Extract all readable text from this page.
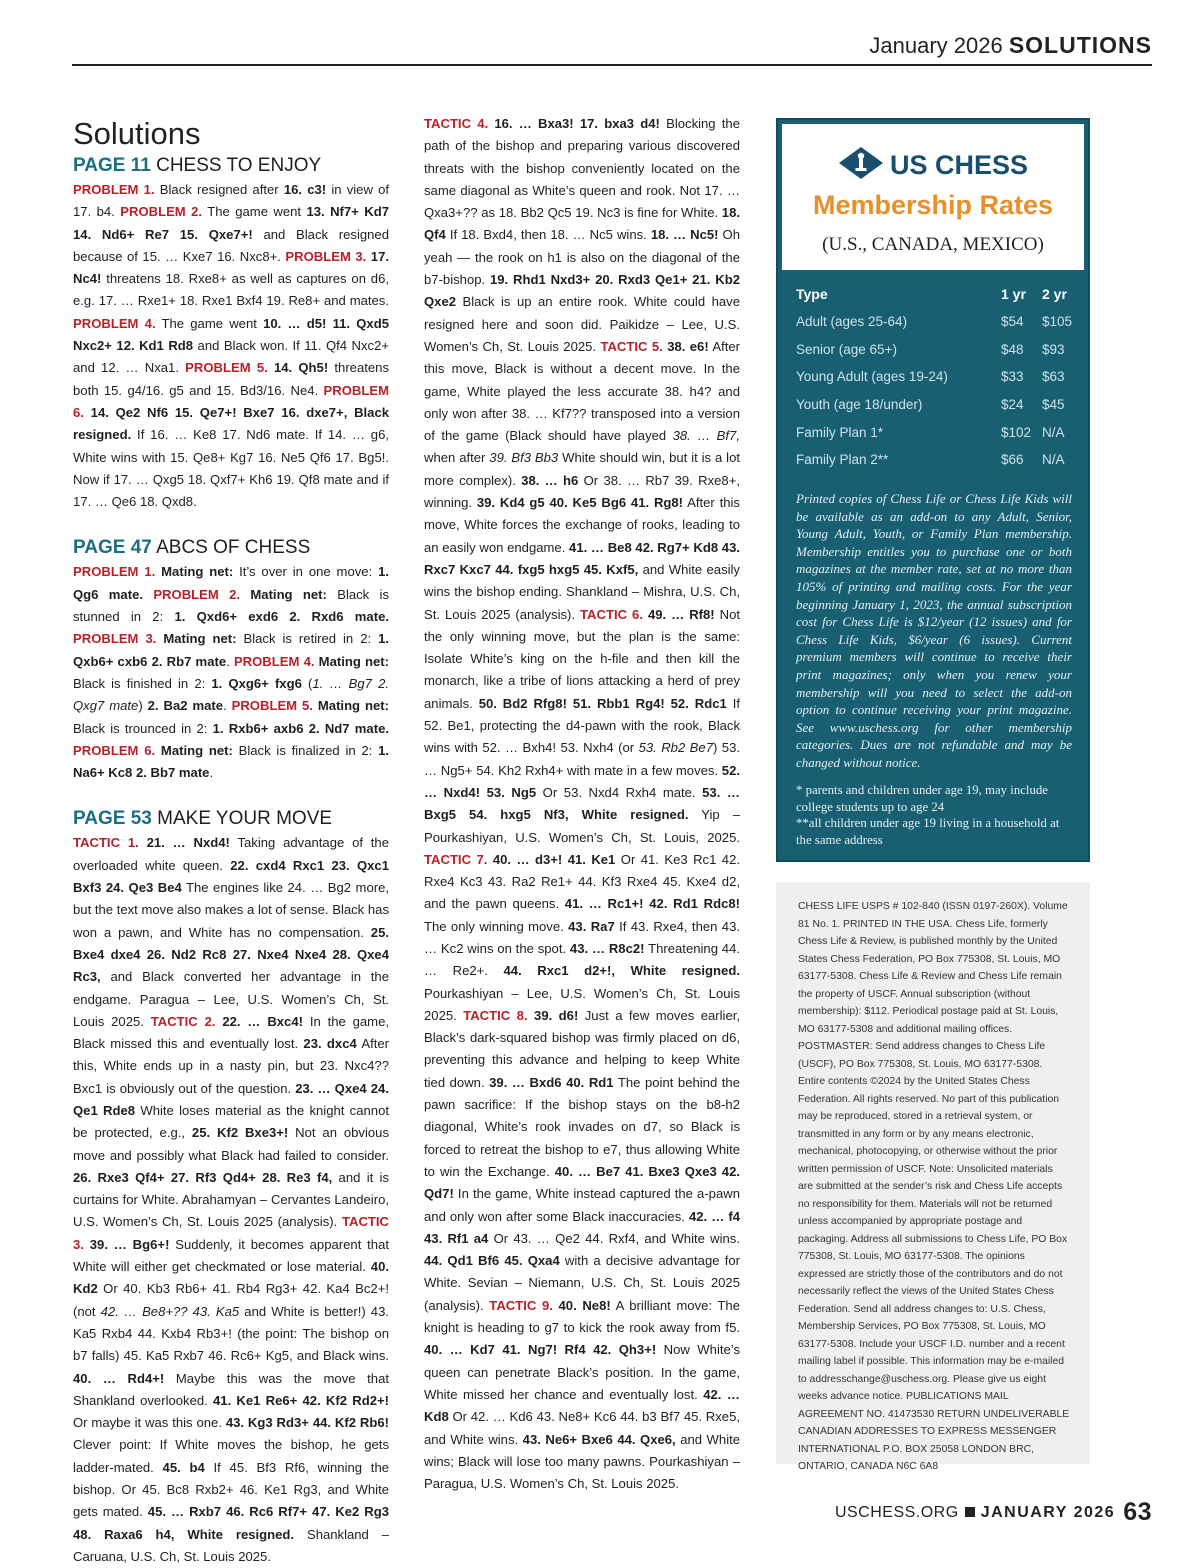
January 2026 SOLUTIONS
Solutions
PAGE 11 CHESS TO ENJOY

PROBLEM 1. Black resigned after 16. c3! in view of 17. b4. PROBLEM 2. The game went 13. Nf7+ Kd7 14. Nd6+ Re7 15. Qxe7+! and Black resigned because of 15. … Kxe7 16. Nxc8+. PROBLEM 3. 17. Nc4! threatens 18. Rxe8+ as well as captures on d6, e.g. 17. … Rxe1+ 18. Rxe1 Bxf4 19. Re8+ and mates. PROBLEM 4. The game went 10. … d5! 11. Qxd5 Nxc2+ 12. Kd1 Rd8 and Black won. If 11. Qf4 Nxc2+ and 12. … Nxa1. PROBLEM 5. 14. Qh5! threatens both 15. g4/16. g5 and 15. Bd3/16. Ne4. PROBLEM 6. 14. Qe2 Nf6 15. Qe7+! Bxe7 16. dxe7+, Black resigned. If 16. … Ke8 17. Nd6 mate. If 14. … g6, White wins with 15. Qe8+ Kg7 16. Ne5 Qf6 17. Bg5!. Now if 17. … Qxg5 18. Qxf7+ Kh6 19. Qf8 mate and if 17. … Qe6 18. Qxd8.

PAGE 47 ABCS OF CHESS

PROBLEM 1. Mating net: It’s over in one move: 1. Qg6 mate. PROBLEM 2. Mating net: Black is stunned in 2: 1. Qxd6+ exd6 2. Rxd6 mate. PROBLEM 3. Mating net: Black is retired in 2: 1. Qxb6+ cxb6 2. Rb7 mate. PROBLEM 4. Mating net: Black is finished in 2: 1. Qxg6+ fxg6 (1. … Bg7 2. Qxg7 mate) 2. Ba2 mate. PROBLEM 5. Mating net: Black is trounced in 2: 1. Rxb6+ axb6 2. Nd7 mate. PROBLEM 6. Mating net: Black is finalized in 2: 1. Na6+ Kc8 2. Bb7 mate.

PAGE 53 MAKE YOUR MOVE

TACTIC 1. 21. … Nxd4! Taking advantage of the overloaded white queen. 22. cxd4 Rxc1 23. Qxc1 Bxf3 24. Qe3 Be4 The engines like 24. … Bg2 more, but the text move also makes a lot of sense. Black has won a pawn, and White has no compensation. 25. Bxe4 dxe4 26. Nd2 Rc8 27. Nxe4 Nxe4 28. Qxe4 Rc3, and Black converted her advantage in the endgame. Paragua – Lee, U.S. Women’s Ch, St. Louis 2025. TACTIC 2. 22. … Bxc4! In the game, Black missed this and eventually lost. 23. dxc4 After this, White ends up in a nasty pin, but 23. Nxc4?? Bxc1 is obviously out of the question. 23. … Qxe4 24. Qe1 Rde8 White loses material as the knight cannot be protected, e.g., 25. Kf2 Bxe3+! Not an obvious move and possibly what Black had failed to consider. 26. Rxe3 Qf4+ 27. Rf3 Qd4+ 28. Re3 f4, and it is curtains for White. Abrahamyan – Cervantes Landeiro, U.S. Women’s Ch, St. Louis 2025 (analysis). TACTIC 3. 39. … Bg6+! Suddenly, it becomes apparent that White will either get checkmated or lose material. 40. Kd2 Or 40. Kb3 Rb6+ 41. Rb4 Rg3+ 42. Ka4 Bc2+! (not 42. … Be8+?? 43. Ka5 and White is better!) 43. Ka5 Rxb4 44. Kxb4 Rb3+! (the point: The bishop on b7 falls) 45. Ka5 Rxb7 46. Rc6+ Kg5, and Black wins. 40. … Rd4+! Maybe this was the move that Shankland overlooked. 41. Ke1 Re6+ 42. Kf2 Rd2+! Or maybe it was this one. 43. Kg3 Rd3+ 44. Kf2 Rb6! Clever point: If White moves the bishop, he gets ladder-mated. 45. b4 If 45. Bf3 Rf6, winning the bishop. Or 45. Bc8 Rxb2+ 46. Ke1 Rg3, and White gets mated. 45. … Rxb7 46. Rc6 Rf7+ 47. Ke2 Rg3 48. Raxa6 h4, White resigned. Shankland – Caruana, U.S. Ch, St. Louis 2025.

TACTIC 4. 16. … Bxa3! 17. bxa3 d4! Blocking the path of the bishop and preparing various discovered threats with the bishop conveniently located on the same diagonal as White’s queen and rook. Not 17. … Qxa3+?? as 18. Bb2 Qc5 19. Nc3 is fine for White. 18. Qf4 If 18. Bxd4, then 18. … Nc5 wins. 18. … Nc5! Oh yeah — the rook on h1 is also on the diagonal of the b7-bishop. 19. Rhd1 Nxd3+ 20. Rxd3 Qe1+ 21. Kb2 Qxe2 Black is up an entire rook. White could have resigned here and soon did. Paikidze – Lee, U.S. Women’s Ch, St. Louis 2025. TACTIC 5. 38. e6! After this move, Black is without a decent move. In the game, White played the less accurate 38. h4? and only won after 38. … Kf7?? transposed into a version of the game (Black should have played 38. … Bf7, when after 39. Bf3 Bb3 White should win, but it is a lot more complex). 38. … h6 Or 38. … Rb7 39. Rxe8+, winning. 39. Kd4 g5 40. Ke5 Bg6 41. Rg8! After this move, White forces the exchange of rooks, leading to an easily won endgame. 41. … Be8 42. Rg7+ Kd8 43. Rxc7 Kxc7 44. fxg5 hxg5 45. Kxf5, and White easily wins the bishop ending. Shankland – Mishra, U.S. Ch, St. Louis 2025 (analysis). TACTIC 6. 49. … Rf8! Not the only winning move, but the plan is the same: Isolate White’s king on the h-file and then kill the monarch, like a tribe of lions attacking a herd of prey animals. 50. Bd2 Rfg8! 51. Rbb1 Rg4! 52. Rdc1 If 52. Be1, protecting the d4-pawn with the rook, Black wins with 52. … Bxh4! 53. Nxh4 (or 53. Rb2 Be7) 53. … Ng5+ 54. Kh2 Rxh4+ with mate in a few moves. 52. … Nxd4! 53. Ng5 Or 53. Nxd4 Rxh4 mate. 53. … Bxg5 54. hxg5 Nf3, White resigned. Yip – Pourkashiyan, U.S. Women’s Ch, St. Louis, 2025. TACTIC 7. 40. … d3+! 41. Ke1 Or 41. Ke3 Rc1 42. Rxe4 Kc3 43. Ra2 Re1+ 44. Kf3 Rxe4 45. Kxe4 d2, and the pawn queens. 41. … Rc1+! 42. Rd1 Rdc8! The only winning move. 43. Ra7 If 43. Rxe4, then 43. … Kc2 wins on the spot. 43. … R8c2! Threatening 44. … Re2+. 44. Rxc1 d2+!, White resigned. Pourkashiyan – Lee, U.S. Women’s Ch, St. Louis 2025. TACTIC 8. 39. d6! Just a few moves earlier, Black’s dark-squared bishop was firmly placed on d6, preventing this advance and helping to keep White tied down. 39. … Bxd6 40. Rd1 The point behind the pawn sacrifice: If the bishop stays on the b8-h2 diagonal, White’s rook invades on d7, so Black is forced to retreat the bishop to e7, thus allowing White to win the Exchange. 40. … Be7 41. Bxe3 Qxe3 42. Qd7! In the game, White instead captured the a-pawn and only won after some Black inaccuracies. 42. … f4 43. Rf1 a4 Or 43. … Qe2 44. Rxf4, and White wins. 44. Qd1 Bf6 45. Qxa4 with a decisive advantage for White. Sevian – Niemann, U.S. Ch, St. Louis 2025 (analysis). TACTIC 9. 40. Ne8! A brilliant move: The knight is heading to g7 to kick the rook away from f5. 40. … Kd7 41. Ng7! Rf4 42. Qh3+! Now White’s queen can penetrate Black’s position. In the game, White missed her chance and eventually lost. 42. … Kd8 Or 42. … Kd6 43. Ne8+ Kc6 44. b3 Bf7 45. Rxe5, and White wins. 43. Ne6+ Bxe6 44. Qxe6, and White wins; Black will lose too many pawns. Pourkashiyan – Paragua, U.S. Women’s Ch, St. Louis 2025.

US CHESS
Membership Rates
(U.S., CANADA, MEXICO)
Type	1 yr 2 yr
Adult (ages 25-64)	$54 $105
Senior (age 65+)	$48 $93
Young Adult (ages 19-24)	$33 $63
Youth (age 18/under)	$24 $45
Family Plan 1*	$102 N/A
Family Plan 2**	$66 N/A
Printed copies of Chess Life or Chess Life Kids will be available as an add-on to any Adult, Senior, Young Adult, Youth, or Family Plan membership. Membership entitles you to purchase one or both magazines at the member rate, set at no more than 105% of printing and mailing costs. For the year beginning January 1, 2023, the annual subscription cost for Chess Life is $12/year (12 issues) and for Chess Life Kids, $6/year (6 issues). Current premium members will continue to receive their print magazines; only when you renew your membership will you need to select the add-on option to continue receiving your print magazine. See www.uschess.org for other membership categories. Dues are not refundable and may be changed without notice.
* parents and children under age 19, may include college students up to age 24
**all children under age 19 living in a household at the same address

CHESS LIFE USPS # 102-840 (ISSN 0197-260X). Volume 81 No. 1. PRINTED IN THE USA. Chess Life, formerly Chess Life & Review, is published monthly by the United States Chess Federation, PO Box 775308, St. Louis, MO 63177-5308. Chess Life & Review and Chess Life remain the property of USCF. Annual subscription (without membership): $112. Periodical postage paid at St. Louis, MO 63177-5308 and additional mailing offices. POSTMASTER: Send address changes to Chess Life (USCF), PO Box 775308, St. Louis, MO 63177-5308. Entire contents ©2024 by the United States Chess Federation. All rights reserved. No part of this publication may be reproduced, stored in a retrieval system, or transmitted in any form or by any means electronic, mechanical, photocopying, or otherwise without the prior written permission of USCF. Note: Unsolicited materials are submitted at the sender’s risk and Chess Life accepts no responsibility for them. Materials will not be returned unless accompanied by appropriate postage and packaging. Address all submissions to Chess Life, PO Box 775308, St. Louis, MO 63177-5308. The opinions expressed are strictly those of the contributors and do not necessarily reflect the views of the United States Chess Federation. Send all address changes to: U.S. Chess, Membership Services, PO Box 775308, St. Louis, MO 63177-5308. Include your USCF I.D. number and a recent mailing label if possible. This information may be e-mailed to addresschange@uschess.org. Please give us eight weeks advance notice. PUBLICATIONS MAIL AGREEMENT NO. 41473530 RETURN UNDELIVERABLE CANADIAN ADDRESSES TO EXPRESS MESSENGER INTERNATIONAL P.O. BOX 25058 LONDON BRC, ONTARIO, CANADA N6C 6A8

USCHESS.ORG JANUARY 2026 63
